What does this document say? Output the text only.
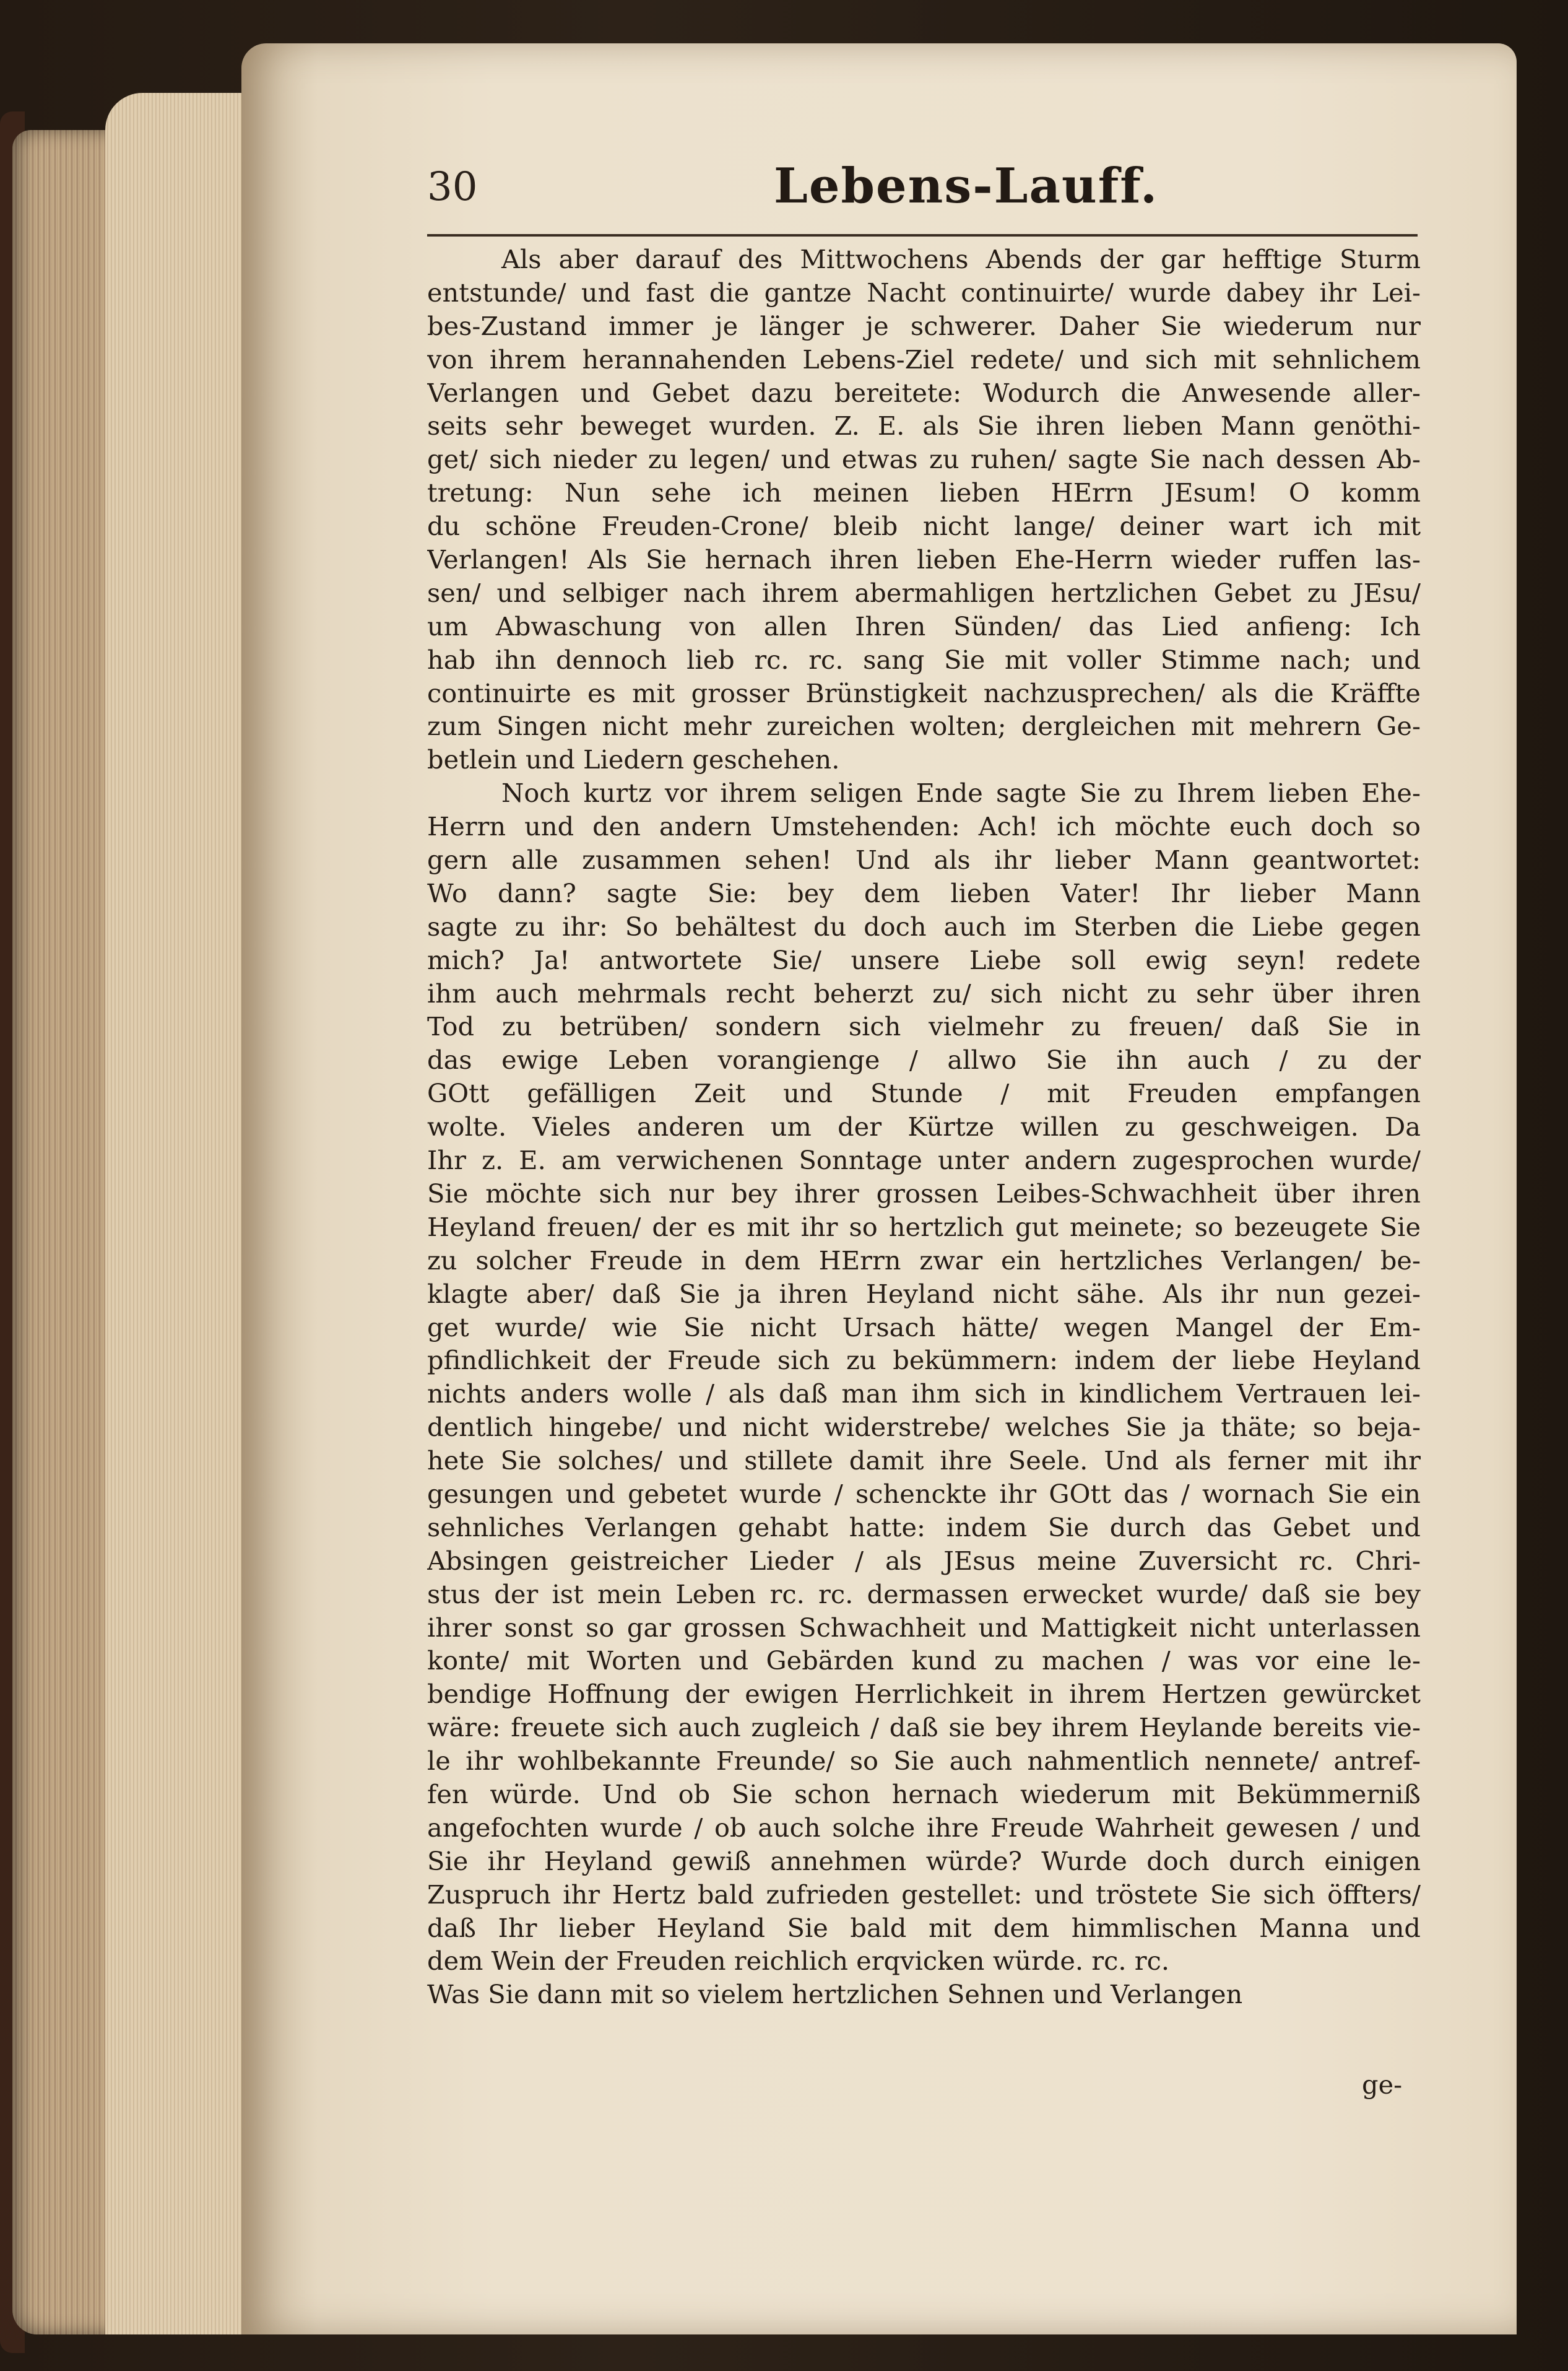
30	Lebens-Lauff.
Als aber darauf des Mittwochens Abends der gar hefftige Sturm
entstunde/ und fast die gantze Nacht continuirte/ wurde dabey ihr Lei-
bes-Zustand immer je länger je schwerer. Daher Sie wiederum nur
von ihrem herannahenden Lebens-Ziel redete/ und sich mit sehnlichem
Verlangen und Gebet dazu bereitete: Wodurch die Anwesende aller-
seits sehr beweget wurden. Z. E. als Sie ihren lieben Mann genöthi-
get/ sich nieder zu legen/ und etwas zu ruhen/ sagte Sie nach dessen Ab-
tretung: Nun sehe ich meinen lieben HErrn JEsum! O komm
du schöne Freuden-Crone/ bleib nicht lange/ deiner wart ich mit
Verlangen! Als Sie hernach ihren lieben Ehe-Herrn wieder ruffen las-
sen/ und selbiger nach ihrem abermahligen hertzlichen Gebet zu JEsu/
um Abwaschung von allen Ihren Sünden/ das Lied anfieng: Ich
hab ihn dennoch lieb rc. rc. sang Sie mit voller Stimme nach; und
continuirte es mit grosser Brünstigkeit nachzusprechen/ als die Kräffte
zum Singen nicht mehr zureichen wolten; dergleichen mit mehrern Ge-
betlein und Liedern geschehen.
Noch kurtz vor ihrem seligen Ende sagte Sie zu Ihrem lieben Ehe-
Herrn und den andern Umstehenden: Ach! ich möchte euch doch so
gern alle zusammen sehen! Und als ihr lieber Mann geantwortet:
Wo dann? sagte Sie: bey dem lieben Vater! Ihr lieber Mann
sagte zu ihr: So behältest du doch auch im Sterben die Liebe gegen
mich? Ja! antwortete Sie/ unsere Liebe soll ewig seyn! redete
ihm auch mehrmals recht beherzt zu/ sich nicht zu sehr über ihren
Tod zu betrüben/ sondern sich vielmehr zu freuen/ daß Sie in
das ewige Leben vorangienge / allwo Sie ihn auch / zu der
GOtt gefälligen Zeit und Stunde / mit Freuden empfangen
wolte. Vieles anderen um der Kürtze willen zu geschweigen. Da
Ihr z. E. am verwichenen Sonntage unter andern zugesprochen wurde/
Sie möchte sich nur bey ihrer grossen Leibes-Schwachheit über ihren
Heyland freuen/ der es mit ihr so hertzlich gut meinete; so bezeugete Sie
zu solcher Freude in dem HErrn zwar ein hertzliches Verlangen/ be-
klagte aber/ daß Sie ja ihren Heyland nicht sähe. Als ihr nun gezei-
get wurde/ wie Sie nicht Ursach hätte/ wegen Mangel der Em-
pfindlichkeit der Freude sich zu bekümmern: indem der liebe Heyland
nichts anders wolle / als daß man ihm sich in kindlichem Vertrauen lei-
dentlich hingebe/ und nicht widerstrebe/ welches Sie ja thäte; so beja-
hete Sie solches/ und stillete damit ihre Seele. Und als ferner mit ihr
gesungen und gebetet wurde / schenckte ihr GOtt das / wornach Sie ein
sehnliches Verlangen gehabt hatte: indem Sie durch das Gebet und
Absingen geistreicher Lieder / als JEsus meine Zuversicht rc. Chri-
stus der ist mein Leben rc. rc. dermassen erwecket wurde/ daß sie bey
ihrer sonst so gar grossen Schwachheit und Mattigkeit nicht unterlassen
konte/ mit Worten und Gebärden kund zu machen / was vor eine le-
bendige Hoffnung der ewigen Herrlichkeit in ihrem Hertzen gewürcket
wäre: freuete sich auch zugleich / daß sie bey ihrem Heylande bereits vie-
le ihr wohlbekannte Freunde/ so Sie auch nahmentlich nennete/ antref-
fen würde. Und ob Sie schon hernach wiederum mit Bekümmerniß
angefochten wurde / ob auch solche ihre Freude Wahrheit gewesen / und
Sie ihr Heyland gewiß annehmen würde? Wurde doch durch einigen
Zuspruch ihr Hertz bald zufrieden gestellet: und tröstete Sie sich öffters/
daß Ihr lieber Heyland Sie bald mit dem himmlischen Manna und
dem Wein der Freuden reichlich erqvicken würde. rc. rc.
Was Sie dann mit so vielem hertzlichen Sehnen und Verlangen
ge-
